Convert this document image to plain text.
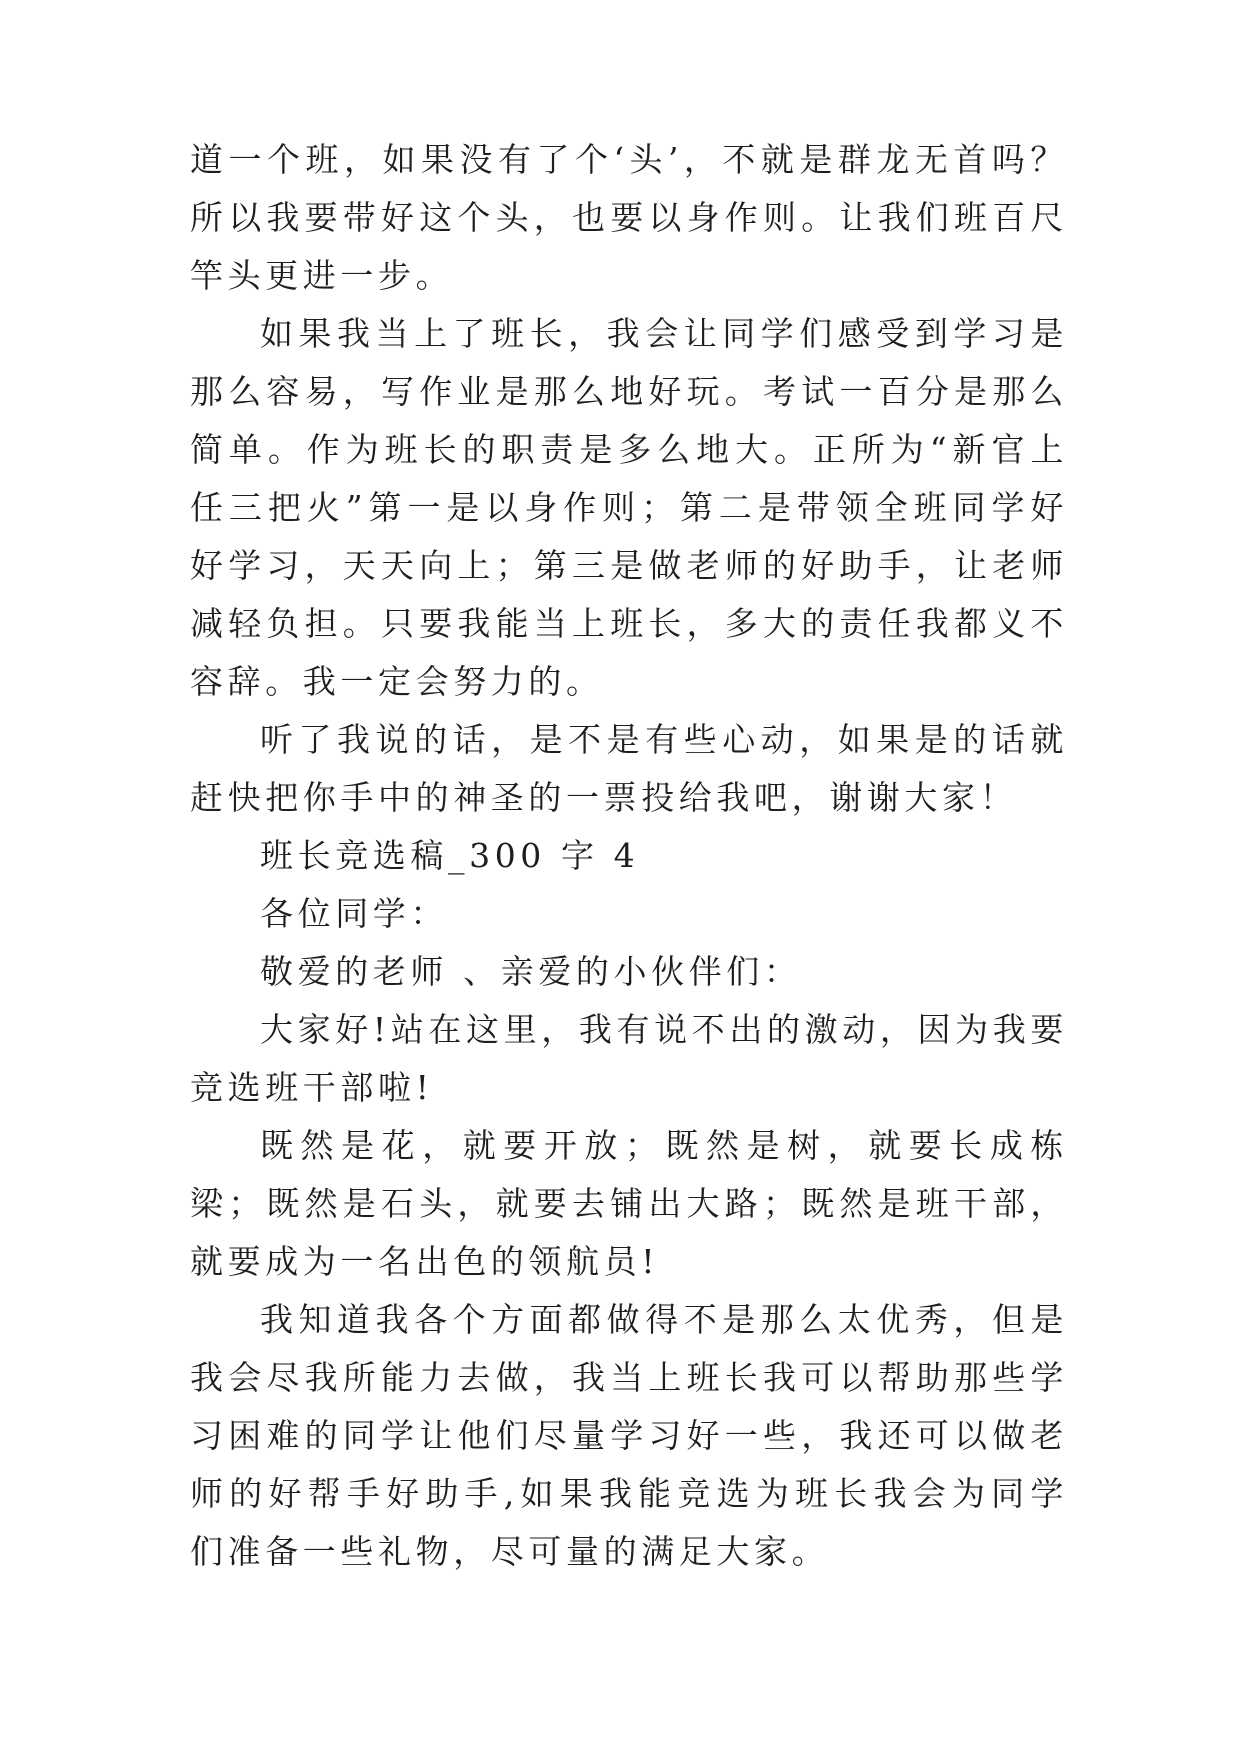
道一个班，如果没有了个‘头’，不就是群龙无首吗？所以我要带好这个头，也要以身作则。让我们班百尺竿头更进一步。

如果我当上了班长，我会让同学们感受到学习是那么容易，写作业是那么地好玩。考试一百分是那么简单。作为班长的职责是多么地大。正所为“新官上任三把火”第一是以身作则；第二是带领全班同学好好学习，天天向上；第三是做老师的好助手，让老师减轻负担。只要我能当上班长，多大的责任我都义不容辞。我一定会努力的。

听了我说的话，是不是有些心动，如果是的话就赶快把你手中的神圣的一票投给我吧，谢谢大家！

班长竞选稿_300 字 4

各位同学：

敬爱的老师 、亲爱的小伙伴们：

大家好!站在这里，我有说不出的激动，因为我要竞选班干部啦!

既然是花，就要开放；既然是树，就要长成栋梁；既然是石头，就要去铺出大路；既然是班干部，就要成为一名出色的领航员!

我知道我各个方面都做得不是那么太优秀，但是我会尽我所能力去做，我当上班长我可以帮助那些学习困难的同学让他们尽量学习好一些，我还可以做老师的好帮手好助手,如果我能竞选为班长我会为同学们准备一些礼物，尽可量的满足大家。
